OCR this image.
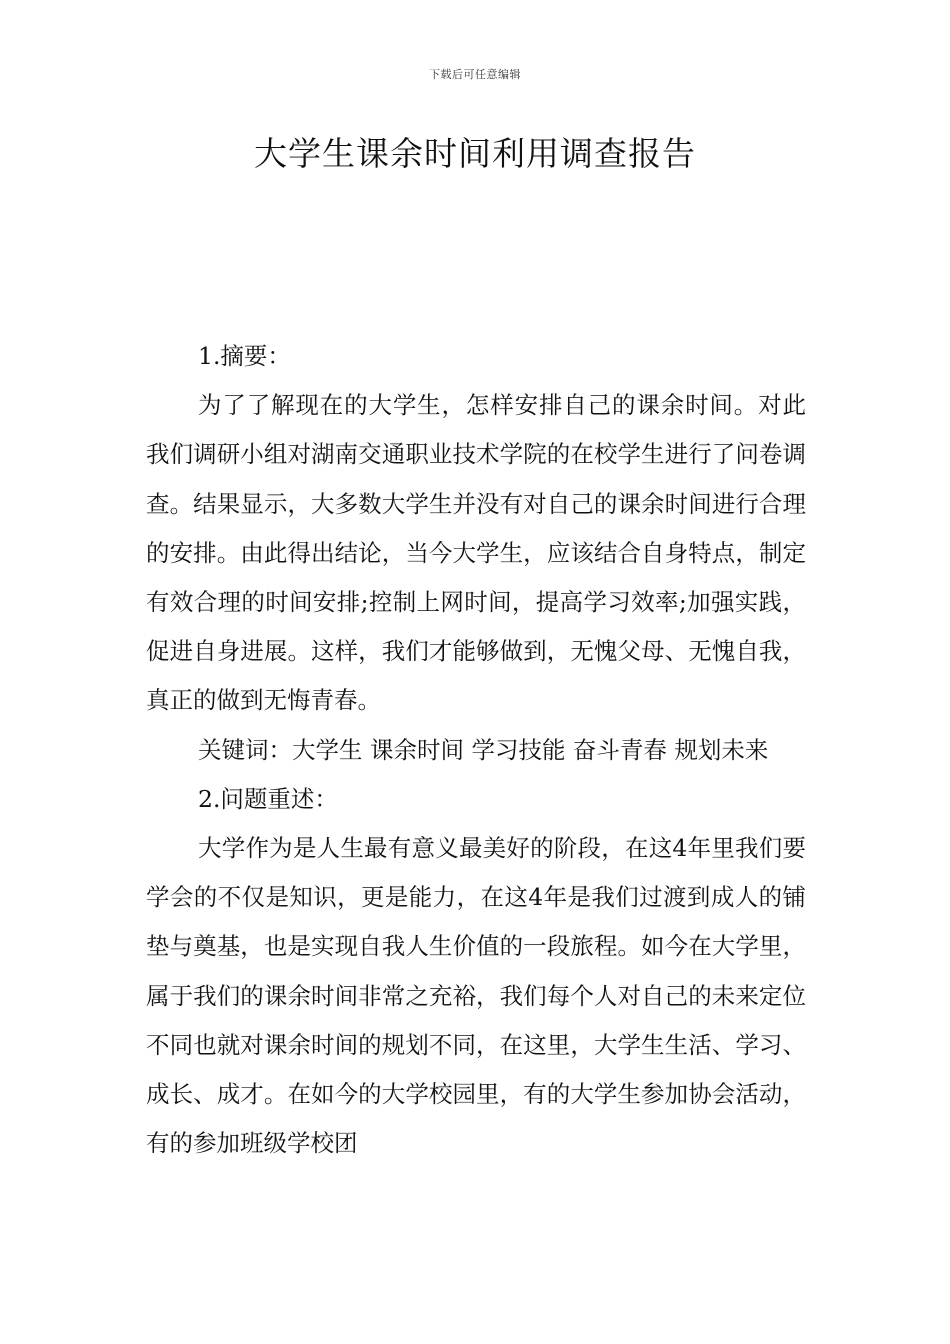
下载后可任意编辑
大学生课余时间利用调查报告

1.摘要：

为了了解现在的大学生，怎样安排自己的课余时间。对此我们调研小组对湖南交通职业技术学院的在校学生进行了问卷调查。结果显示，大多数大学生并没有对自己的课余时间进行合理的安排。由此得出结论，当今大学生，应该结合自身特点，制定有效合理的时间安排;控制上网时间，提高学习效率;加强实践，促进自身进展。这样，我们才能够做到，无愧父母、无愧自我，真正的做到无悔青春。

关键词：大学生 课余时间 学习技能 奋斗青春 规划未来

2.问题重述：

大学作为是人生最有意义最美好的阶段，在这4年里我们要学会的不仅是知识，更是能力，在这4年是我们过渡到成人的铺垫与奠基，也是实现自我人生价值的一段旅程。如今在大学里，属于我们的课余时间非常之充裕，我们每个人对自己的未来定位不同也就对课余时间的规划不同，在这里，大学生生活、学习、成长、成才。在如今的大学校园里，有的大学生参加协会活动，有的参加班级学校团
